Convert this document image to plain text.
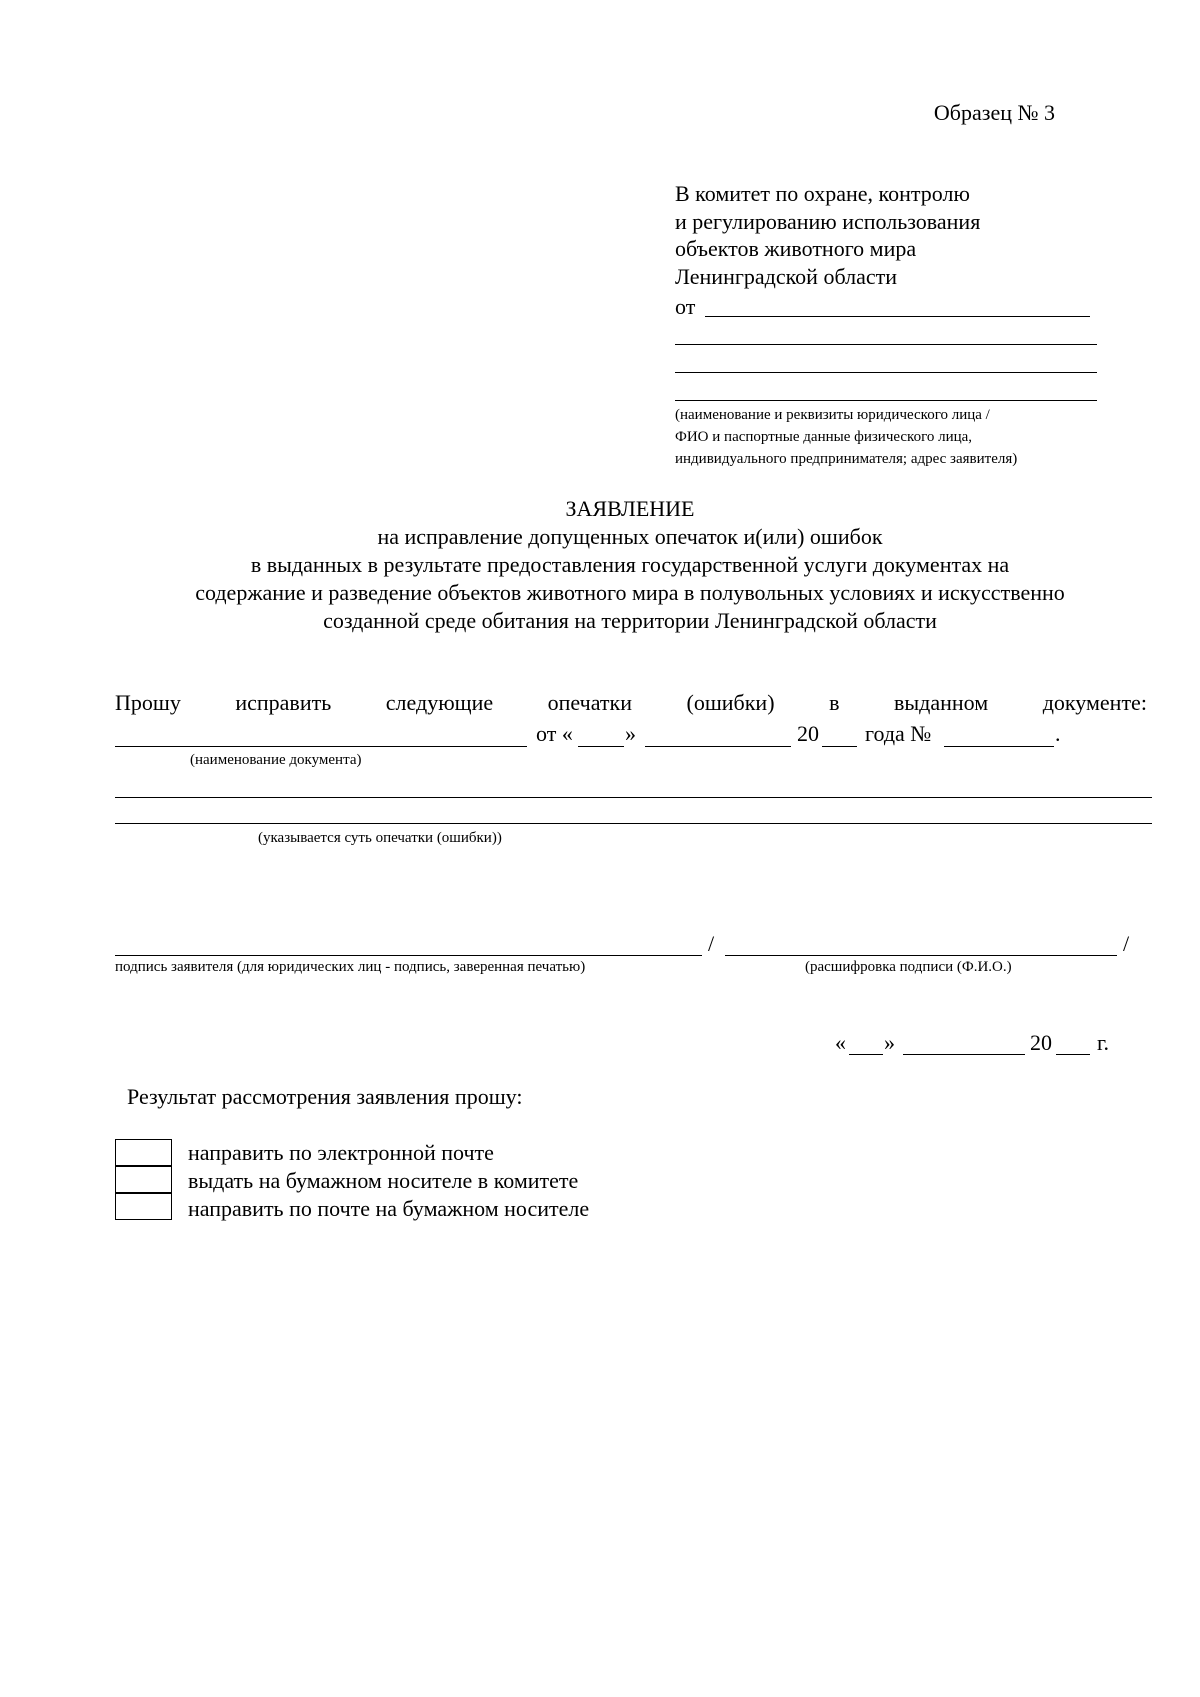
Образец № 3
В комитет по охране, контролю
и регулированию использования
объектов животного мира
Ленинградской области
от
(наименование и реквизиты юридического лица /
ФИО и паспортные данные физического лица,
индивидуального предпринимателя; адрес заявителя)
ЗАЯВЛЕНИЕ
на исправление допущенных опечаток и(или) ошибок
в выданных в результате предоставления государственной услуги документах на
содержание и разведение объектов животного мира в полувольных условиях и искусственно
созданной среде обитания на территории Ленинградской области
Прошу исправить следующие опечатки (ошибки) в выданном документе:
от « »	20 года №	.
(наименование документа)
(указывается суть опечатки (ошибки))
/	/
подпись заявителя (для юридических лиц - подпись, заверенная печатью)	(расшифровка подписи (Ф.И.О.)
« »	20 г.
Результат рассмотрения заявления прошу:
направить по электронной почте
выдать на бумажном носителе в комитете
направить по почте на бумажном носителе
